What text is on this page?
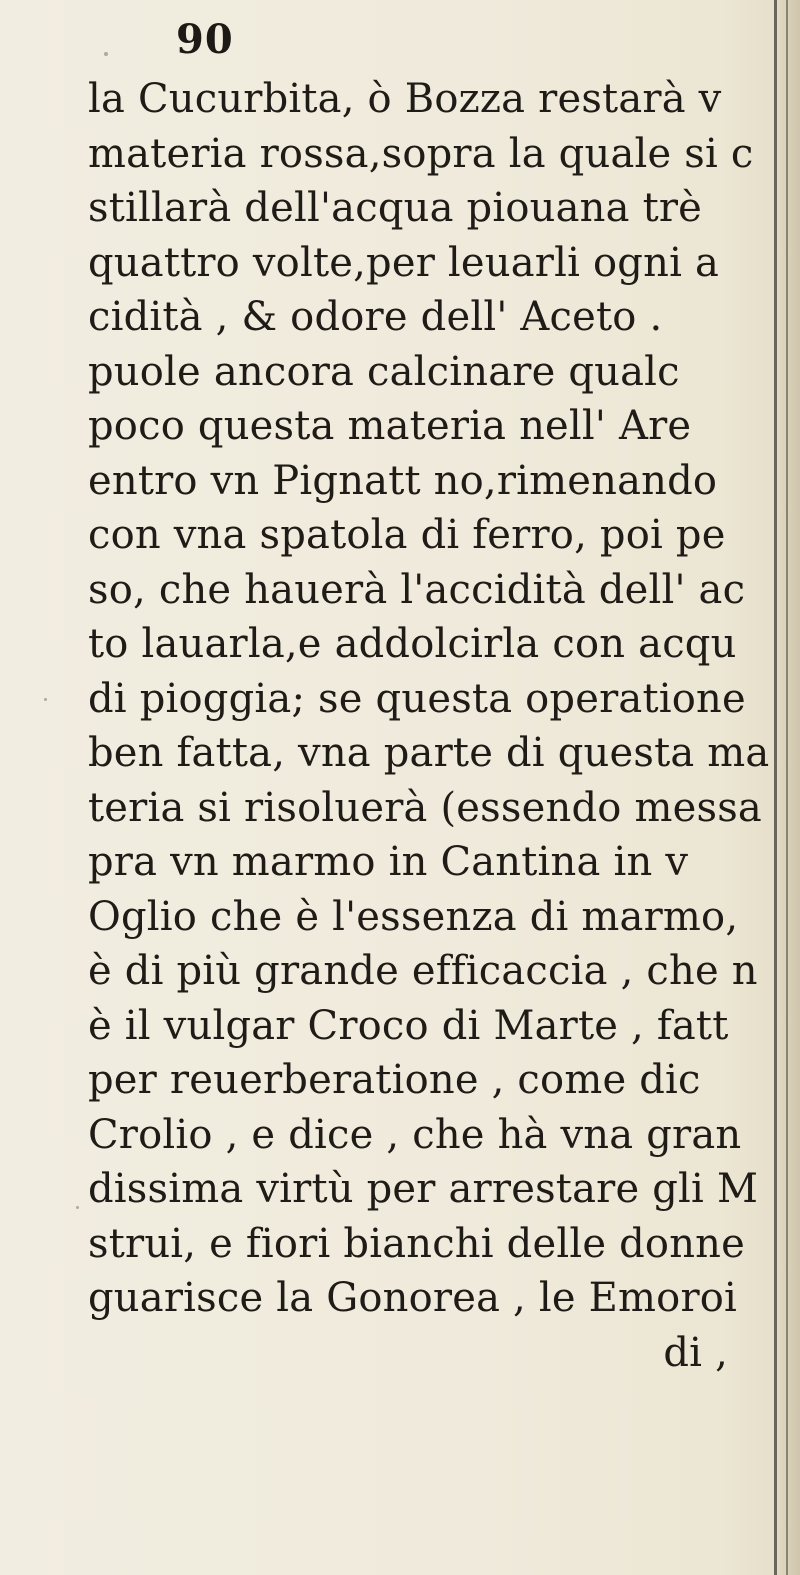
90
la Cucurbita, ò Bozza restarà v
materia rossa,sopra la quale si c
stillarà dell'acqua piouana trè
quattro volte,per leuarli ogni a
cidità , & odore dell' Aceto .
puole ancora calcinare qualc
poco questa materia nell' Are
entro vn Pignatt no,rimenando
con vna spatola di ferro, poi pe
so, che hauerà l'accidità dell' ac
to lauarla,e addolcirla con acqu
di pioggia; se questa operatione
ben fatta, vna parte di questa ma
teria si risoluerà (essendo messa
pra vn marmo in Cantina in v
Oglio che è l'essenza di marmo,
è di più grande efficaccia , che n
è il vulgar Croco di Marte , fatt
per reuerberatione , come dic
Crolio , e dice , che hà vna gran
dissima virtù per arrestare gli M
strui, e fiori bianchi delle donne
guarisce la Gonorea , le Emoroi
di ,
